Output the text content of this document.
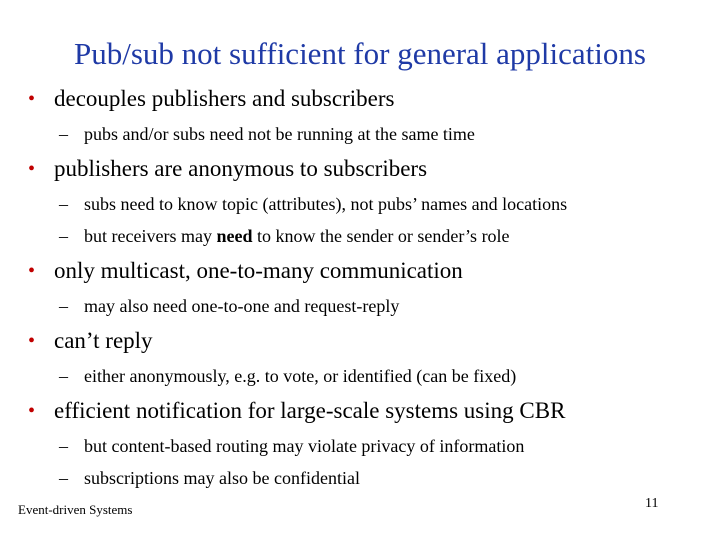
Pub/sub not sufficient for general applications
• decouples publishers and subscribers
– pubs and/or subs need not be running at the same time
• publishers are anonymous to subscribers
– subs need to know topic (attributes), not pubs’ names and locations
– but receivers may need to know the sender or sender’s role
• only multicast, one-to-many communication
– may also need one-to-one and request-reply
• can’t reply
– either anonymously, e.g. to vote, or identified (can be fixed)
• efficient notification for large-scale systems using CBR
– but content-based routing may violate privacy of information
– subscriptions may also be confidential
Event-driven Systems	11
